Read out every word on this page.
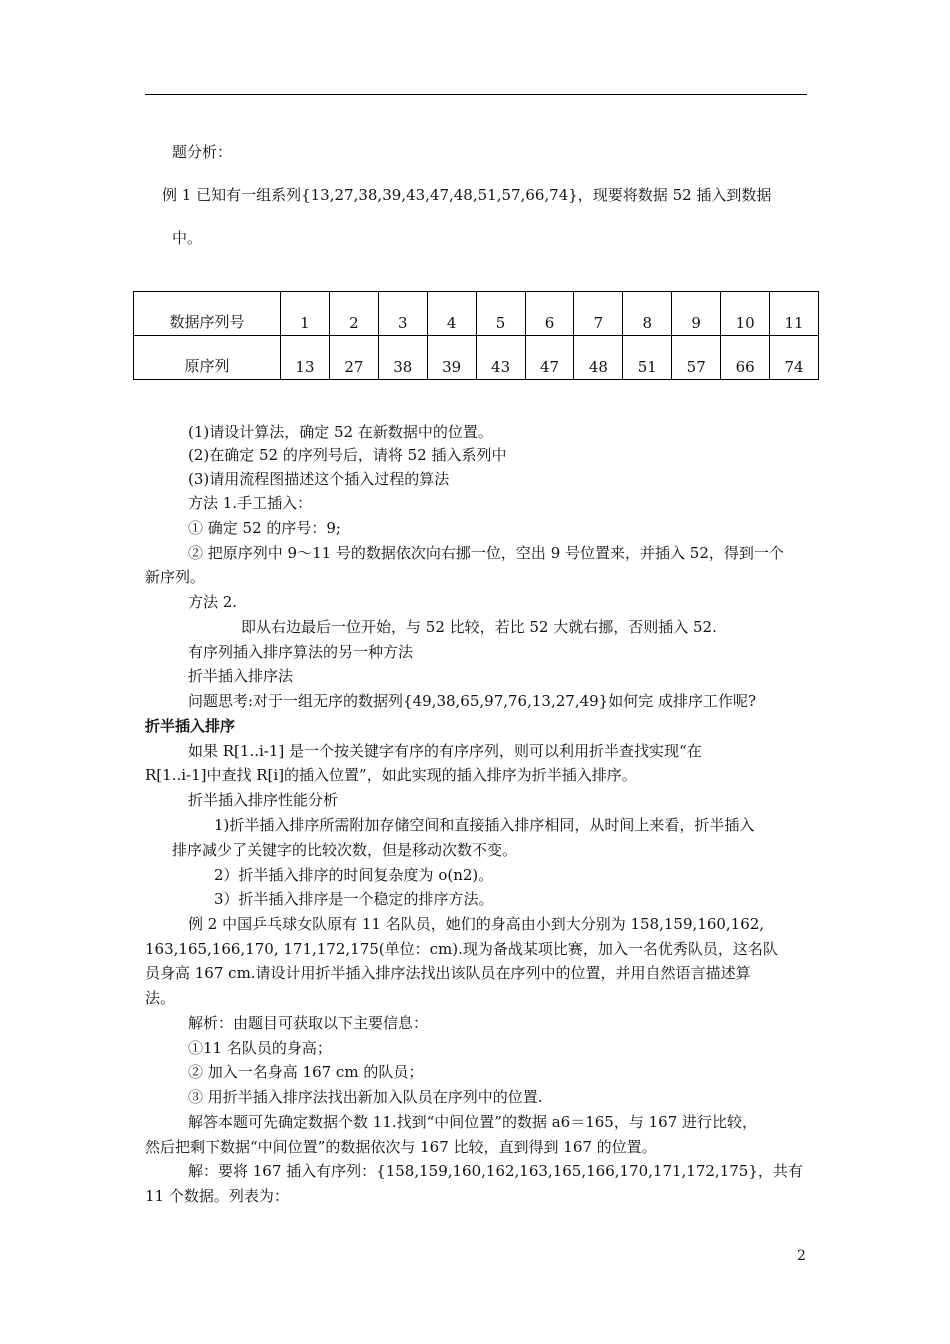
题分析：
例 1 已知有一组系列{13,27,38,39,43,47,48,51,57,66,74}，现要将数据 52 插入到数据
中。
数据序列号	1	2	3	4	5	6	7	8	9	10	11
原序列	13	27	38	39	43	47	48	51	57	66	74
(1)请设计算法，确定 52 在新数据中的位置。
(2)在确定 52 的序列号后，请将 52 插入系列中
(3)请用流程图描述这个插入过程的算法
方法 1.手工插入：
① 确定 52 的序号：9;
② 把原序列中 9～11 号的数据依次向右挪一位，空出 9 号位置来，并插入 52，得到一个
新序列。
方法 2.
即从右边最后一位开始，与 52 比较，若比 52 大就右挪，否则插入 52.
有序列插入排序算法的另一种方法
折半插入排序法
问题思考:对于一组无序的数据列{49,38,65,97,76,13,27,49}如何完 成排序工作呢?
折半插入排序
如果 R[1..i-1] 是一个按关键字有序的有序序列，则可以利用折半查找实现“在
R[1..i-1]中查找 R[i]的插入位置”，如此实现的插入排序为折半插入排序。
折半插入排序性能分析
1)折半插入排序所需附加存储空间和直接插入排序相同，从时间上来看，折半插入
排序减少了关键字的比较次数，但是移动次数不变。
2）折半插入排序的时间复杂度为 o(n2)。
3）折半插入排序是一个稳定的排序方法。
例 2 中国乒乓球女队原有 11 名队员，她们的身高由小到大分别为 158,159,160,162,
163,165,166,170, 171,172,175(单位：cm).现为备战某项比赛，加入一名优秀队员，这名队
员身高 167 cm.请设计用折半插入排序法找出该队员在序列中的位置，并用自然语言描述算
法。
解析：由题目可获取以下主要信息：
①11 名队员的身高；
② 加入一名身高 167 cm 的队员；
③ 用折半插入排序法找出新加入队员在序列中的位置.
解答本题可先确定数据个数 11.找到“中间位置”的数据 a6＝165，与 167 进行比较，
然后把剩下数据“中间位置”的数据依次与 167 比较，直到得到 167 的位置。
解：要将 167 插入有序列：{158,159,160,162,163,165,166,170,171,172,175}，共有
11 个数据。列表为：
2
